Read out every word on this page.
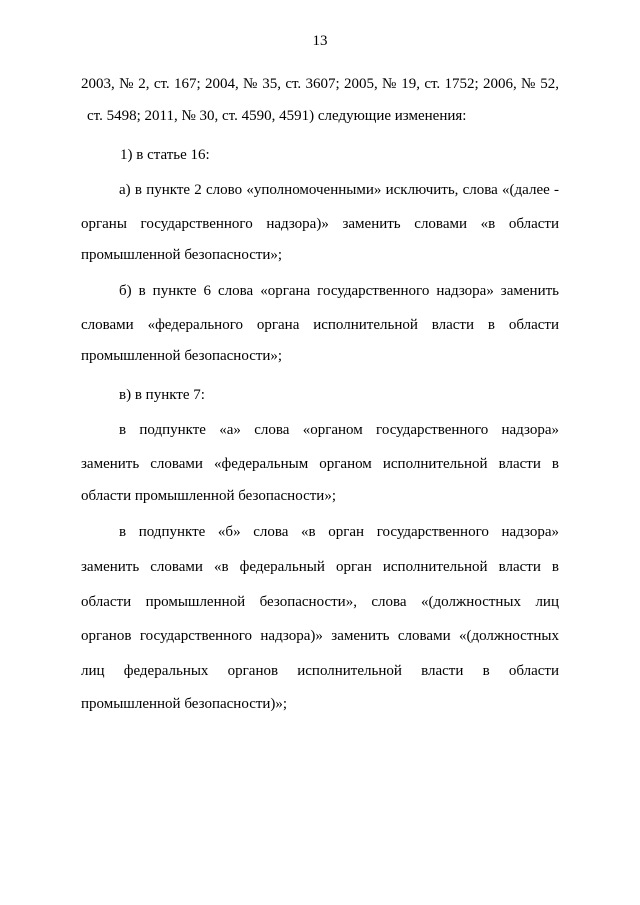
13
2003, № 2, ст. 167; 2004, № 35, ст. 3607; 2005, № 19, ст. 1752; 2006, № 52,
ст. 5498; 2011, № 30, ст. 4590, 4591) следующие изменения:
1) в статье 16:
а) в пункте 2 слово «уполномоченными» исключить, слова «(далее -
органы государственного надзора)» заменить словами «в области
промышленной безопасности»;
б) в пункте 6 слова «органа государственного надзора» заменить
словами «федерального органа исполнительной власти в области
промышленной безопасности»;
в) в пункте 7:
в подпункте «а» слова «органом государственного надзора»
заменить словами «федеральным органом исполнительной власти в
области промышленной безопасности»;
в подпункте «б» слова «в орган государственного надзора»
заменить словами «в федеральный орган исполнительной власти в
области промышленной безопасности», слова «(должностных лиц
органов государственного надзора)» заменить словами «(должностных
лиц федеральных органов исполнительной власти в области
промышленной безопасности)»;
